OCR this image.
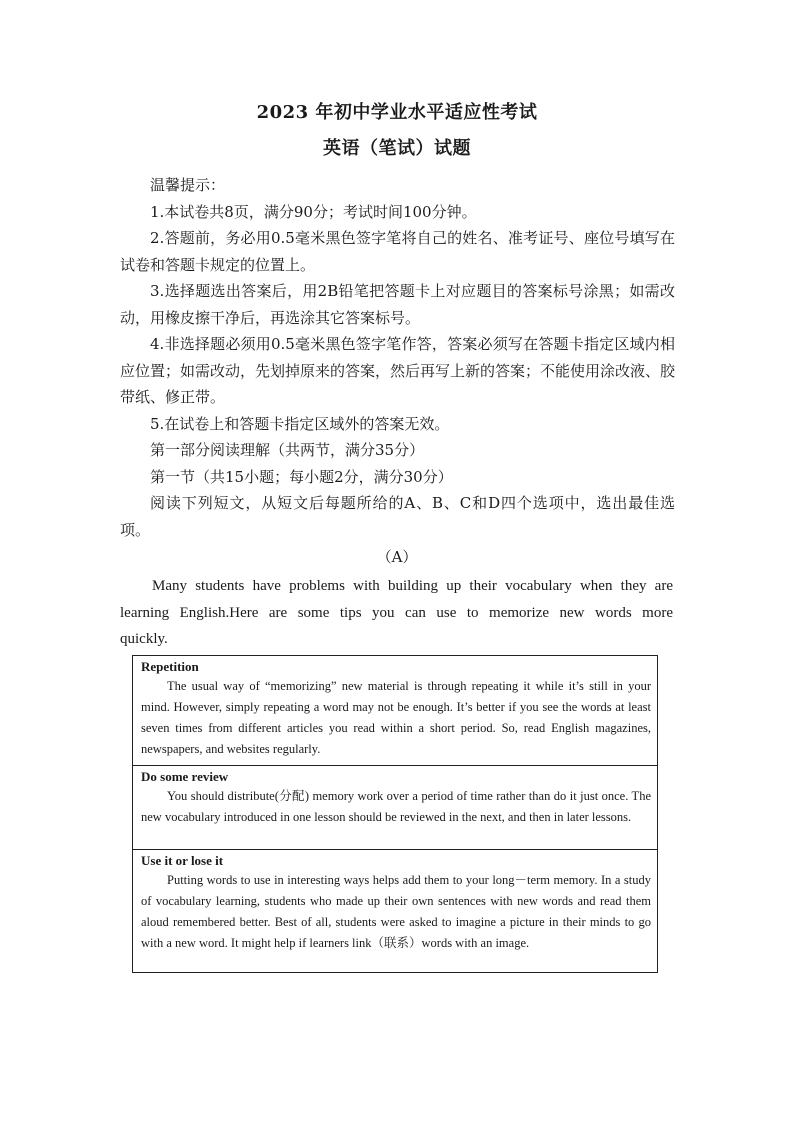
2023 年初中学业水平适应性考试
英语（笔试）试题

温馨提示：

1.本试卷共8页，满分90分；考试时间100分钟。

2.答题前，务必用0.5毫米黑色签字笔将自己的姓名、准考证号、座位号填写在试卷和答题卡规定的位置上。

3.选择题选出答案后，用2B铅笔把答题卡上对应题目的答案标号涂黑；如需改动，用橡皮擦干净后，再选涂其它答案标号。

4.非选择题必须用0.5毫米黑色签字笔作答，答案必须写在答题卡指定区域内相应位置；如需改动，先划掉原来的答案，然后再写上新的答案；不能使用涂改液、胶带纸、修正带。

5.在试卷上和答题卡指定区域外的答案无效。

第一部分阅读理解（共两节，满分35分）

第一节（共15小题；每小题2分，满分30分）

阅读下列短文，从短文后每题所给的A、B、C和D四个选项中，选出最佳选项。

（A）
Many students have problems with building up their vocabulary when they are learning English.Here are some tips you can use to memorize new words more quickly.
Repetition

The usual way of “memorizing” new material is through repeating it while it’s still in your mind. However, simply repeating a word may not be enough. It’s better if you see the words at least seven times from different articles you read within a short period. So, read English magazines, newspapers, and websites regularly.

Do some review

You should distribute(分配) memory work over a period of time rather than do it just once. The new vocabulary introduced in one lesson should be reviewed in the next, and then in later lessons.

Use it or lose it

Putting words to use in interesting ways helps add them to your long－term memory. In a study of vocabulary learning, students who made up their own sentences with new words and read them aloud remembered better. Best of all, students were asked to imagine a picture in their minds to go with a new word. It might help if learners link（联系）words with an image.
